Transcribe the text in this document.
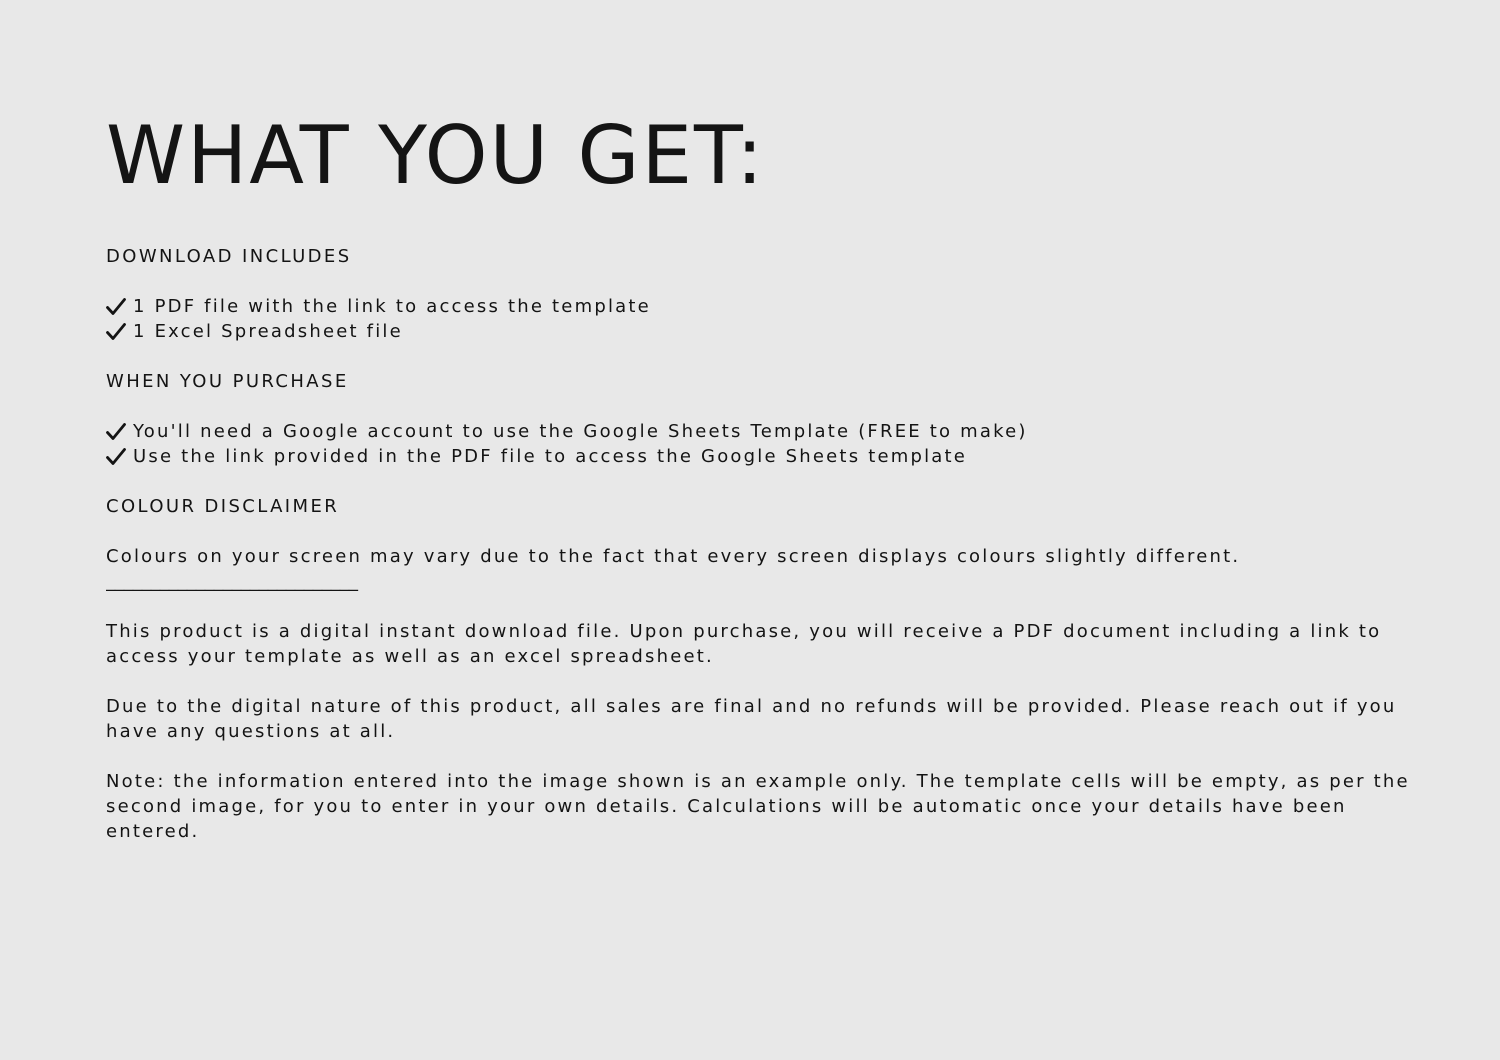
WHAT YOU GET:

DOWNLOAD INCLUDES

1 PDF file with the link to access the template
1 Excel Spreadsheet file

WHEN YOU PURCHASE

You'll need a Google account to use the Google Sheets Template (FREE to make)
Use the link provided in the PDF file to access the Google Sheets template

COLOUR DISCLAIMER

Colours on your screen may vary due to the fact that every screen displays colours slightly different.

____________________________

This product is a digital instant download file. Upon purchase, you will receive a PDF document including a link to access your template as well as an excel spreadsheet.

Due to the digital nature of this product, all sales are final and no refunds will be provided. Please reach out if you have any questions at all.

Note: the information entered into the image shown is an example only. The template cells will be empty, as per the second image, for you to enter in your own details. Calculations will be automatic once your details have been entered.
